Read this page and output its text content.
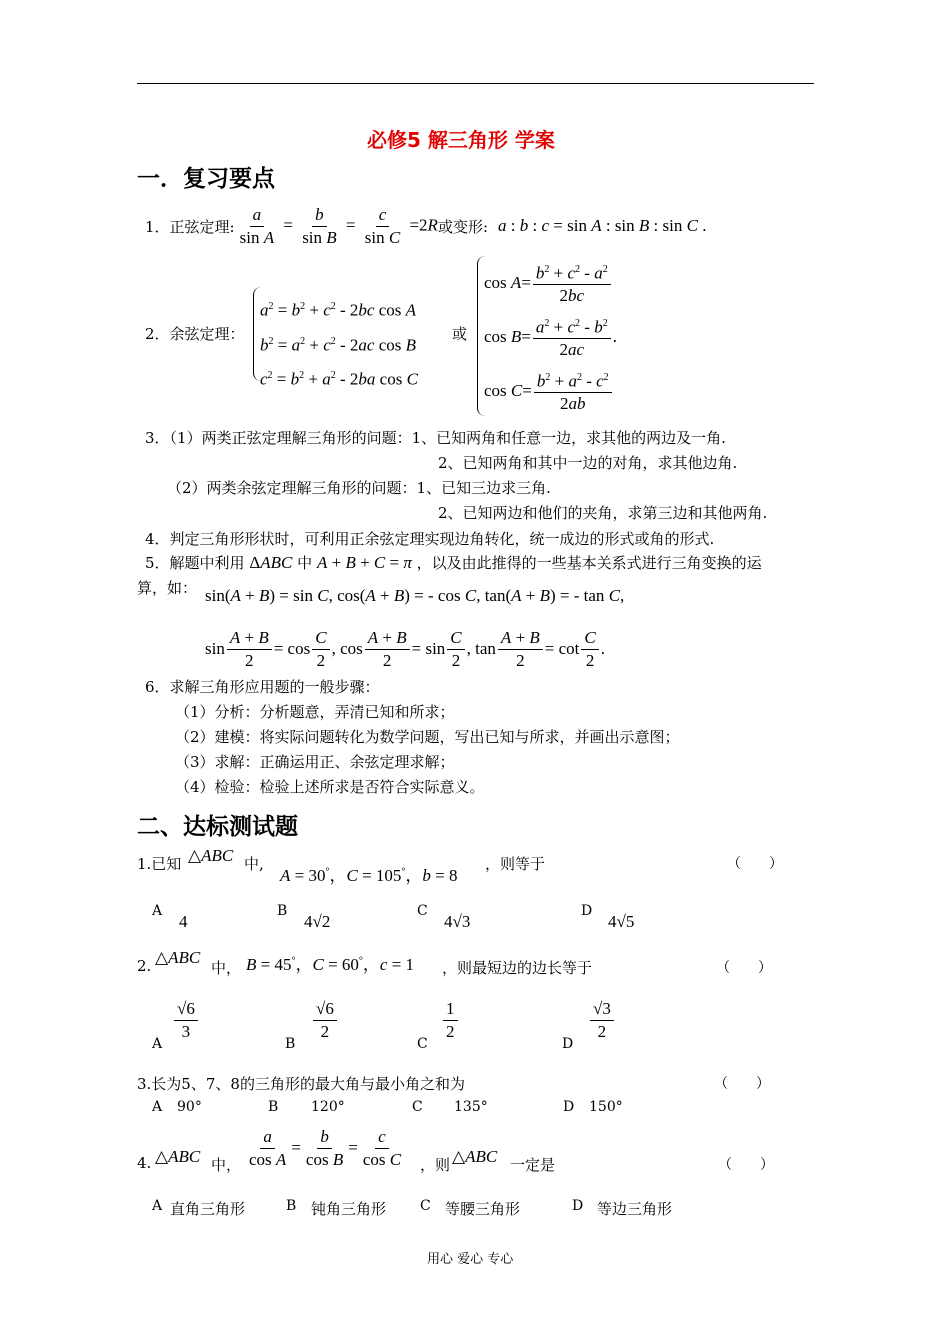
必修5 解三角形 学案
一．复习要点
1．正弦定理: $\frac{a}{\text{sin A}} = \frac{b}{\text{sin B}} = \frac{c}{\text{sin C}} =2R$ 或变形: a : b : c = sin A : sin B : sin C .
2．余弦定理：
$a^2 = b^2 + c^2 - 2bc$ cos A
$b^2 = a^2 + c^2 - 2ac$ cos B
$c^2 = b^2 + a^2 - 2ba$ cos C
或
$\cos A = \frac{b^2 + c^2 - a^2}{2bc}$
$\cos B = \frac{a^2 + c^2 - b^2}{2ac}$ .
$\cos C = \frac{b^2 + a^2 - c^2}{2ab}$
3．（1）两类正弦定理解三角形的问题：1、已知两角和任意一边，求其他的两边及一角.
2、已知两角和其中一边的对角，求其他边角.
（2）两类余弦定理解三角形的问题：1、已知三边求三角.
2、已知两边和他们的夹角，求第三边和其他两角.
4．判定三角形形状时，可利用正余弦定理实现边角转化，统一成边的形式或角的形式.
5．解题中利用 ΔABC 中 A + B + C = π ，以及由此推得的一些基本关系式进行三角变换的运
算，如： sin(A + B) = sin C, cos(A + B) = - cos C, tan(A + B) = - tan C,
$\sin \frac{A + B}{2} = \cos \frac{C}{2}$ , $\cos \frac{A + B}{2} = \sin \frac{C}{2}$ , $\tan \frac{A + B}{2} = \cot \frac{C}{2}$ .
6．求解三角形应用题的一般步骤：
（1）分析：分析题意，弄清已知和所求；
（2）建模：将实际问题转化为数学问题，写出已知与所求，并画出示意图；
（3）求解：正确运用正、余弦定理求解；
（4）检验：检验上述所求是否符合实际意义。
二、达标测试题
1.已知 △ABC 中,
A = 30°，C = 105°，b = 8
，则等于	（　　）
A
4
B
4√2
C
4√3
D
4√5
2. △ABC
中， B = 45°，C = 60°，c = 1 ，则最短边的边长等于	（　　）
A
$\frac{√6}{3}$
B
$\frac{√6}{2}$
C
$\frac{1}{2}$
D
$\frac{√3}{2}$
3.长为5、7、8的三角形的最大角与最小角之和为	（　　）
A 90°	B 120°	C 135°	D 150°
4. △ABC 中， $\frac{a}{\text{cos A}} = \frac{b}{\text{cos B}} = \frac{c}{\text{cos C}}$ ，则 △ABC 一定是	（　　）
A 直角三角形	B 钝角三角形 C 等腰三角形	D 等边三角形
用心 爱心 专心
